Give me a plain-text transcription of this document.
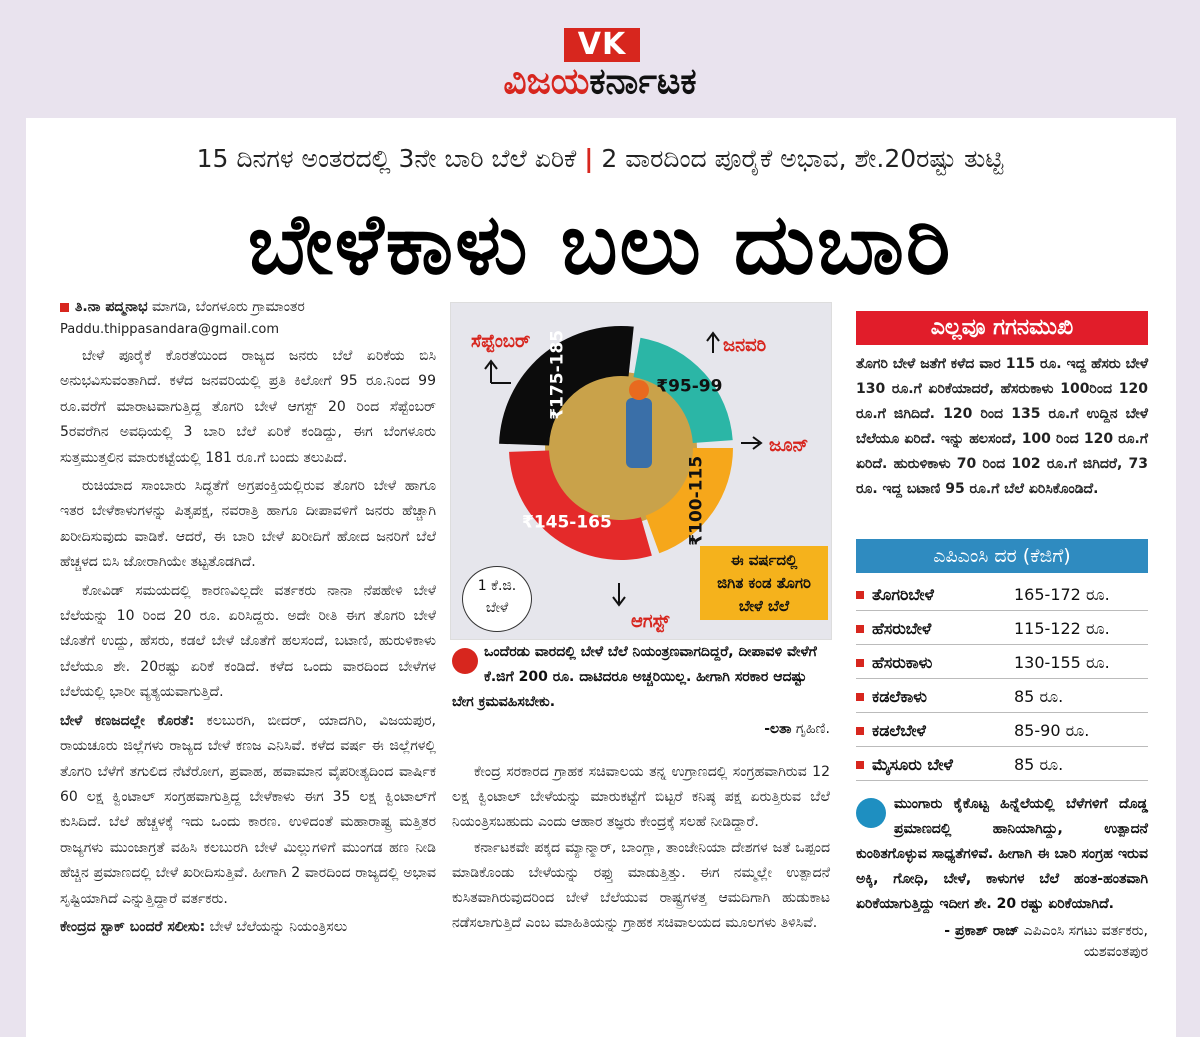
VK
ವಿಜಯಕರ್ನಾಟಕ
15 ದಿನಗಳ ಅಂತರದಲ್ಲಿ 3ನೇ ಬಾರಿ ಬೆಲೆ ಏರಿಕೆ | 2 ವಾರದಿಂದ ಪೂರೈಕೆ ಅಭಾವ, ಶೇ.20ರಷ್ಟು ತುಟ್ಟಿ
ಬೇಳೆಕಾಳು ಬಲು ದುಬಾರಿ
ತಿ.ನಾ ಪದ್ಮನಾಭ ಮಾಗಡಿ, ಬೆಂಗಳೂರು ಗ್ರಾಮಾಂತರ
Paddu.thippasandara@gmail.com

ಬೇಳೆ ಪೂರೈಕೆ ಕೊರತೆಯಿಂದ ರಾಜ್ಯದ ಜನರು ಬೆಲೆ ಏರಿಕೆಯ ಬಿಸಿ ಅನುಭವಿಸುವಂತಾಗಿದೆ. ಕಳೆದ ಜನವರಿಯಲ್ಲಿ ಪ್ರತಿ ಕಿಲೋಗೆ 95 ರೂ.ನಿಂದ 99 ರೂ.ವರೆಗೆ ಮಾರಾಟವಾಗುತ್ತಿದ್ದ ತೊಗರಿ ಬೇಳೆ ಆಗಸ್ಟ್ 20 ರಿಂದ ಸೆಪ್ಟೆಂಬರ್ 5ರವರೆಗಿನ ಅವಧಿಯಲ್ಲಿ 3 ಬಾರಿ ಬೆಲೆ ಏರಿಕೆ ಕಂಡಿದ್ದು, ಈಗ ಬೆಂಗಳೂರು ಸುತ್ತಮುತ್ತಲಿನ ಮಾರುಕಟ್ಟೆಯಲ್ಲಿ 181 ರೂ.ಗೆ ಬಂದು ತಲುಪಿದೆ.

ರುಚಿಯಾದ ಸಾಂಬಾರು ಸಿದ್ಧತೆಗೆ ಅಗ್ರಪಂಕ್ತಿಯಲ್ಲಿರುವ ತೊಗರಿ ಬೇಳೆ ಹಾಗೂ ಇತರ ಬೇಳೆಕಾಳುಗಳನ್ನು ಪಿತೃಪಕ್ಷ, ನವರಾತ್ರಿ ಹಾಗೂ ದೀಪಾವಳಿಗೆ ಜನರು ಹೆಚ್ಚಾಗಿ ಖರೀದಿಸುವುದು ವಾಡಿಕೆ. ಆದರೆ, ಈ ಬಾರಿ ಬೇಳೆ ಖರೀದಿಗೆ ಹೋದ ಜನರಿಗೆ ಬೆಲೆ ಹೆಚ್ಚಳದ ಬಿಸಿ ಜೋರಾಗಿಯೇ ತಟ್ಟತೊಡಗಿದೆ.

ಕೋವಿಡ್ ಸಮಯದಲ್ಲಿ ಕಾರಣವಿಲ್ಲದೇ ವರ್ತಕರು ನಾನಾ ನೆಪಹೇಳಿ ಬೇಳೆ ಬೆಲೆಯನ್ನು 10 ರಿಂದ 20 ರೂ. ಏರಿಸಿದ್ದರು. ಅದೇ ರೀತಿ ಈಗ ತೊಗರಿ ಬೇಳೆ ಜೊತೆಗೆ ಉದ್ದು, ಹೆಸರು, ಕಡಲೆ ಬೇಳೆ ಜೊತೆಗೆ ಹಲಸಂದೆ, ಬಟಾಣಿ, ಹುರುಳಿಕಾಳು ಬೆಲೆಯೂ ಶೇ. 20ರಷ್ಟು ಏರಿಕೆ ಕಂಡಿದೆ. ಕಳೆದ ಒಂದು ವಾರದಿಂದ ಬೇಳೆಗಳ ಬೆಲೆಯಲ್ಲಿ ಭಾರೀ ವ್ಯತ್ಯಯವಾಗುತ್ತಿದೆ.

ಬೇಳೆ ಕಣಜದಲ್ಲೇ ಕೊರತೆ: ಕಲಬುರಗಿ, ಬೀದರ್, ಯಾದಗಿರಿ, ವಿಜಯಪುರ, ರಾಯಚೂರು ಜಿಲ್ಲೆಗಳು ರಾಜ್ಯದ ಬೇಳೆ ಕಣಜ ಎನಿಸಿವೆ. ಕಳೆದ ವರ್ಷ ಈ ಜಿಲ್ಲೆಗಳಲ್ಲಿ ತೊಗರಿ ಬೆಳೆಗೆ ತಗುಲಿದ ನೆಟೆರೋಗ, ಪ್ರವಾಹ, ಹವಾಮಾನ ವೈಪರೀತ್ಯದಿಂದ ವಾರ್ಷಿಕ 60 ಲಕ್ಷ ಕ್ವಿಂಟಾಲ್ ಸಂಗ್ರಹವಾಗುತ್ತಿದ್ದ ಬೇಳೆಕಾಳು ಈಗ 35 ಲಕ್ಷ ಕ್ವಿಂಟಾಲ್‌ಗೆ ಕುಸಿದಿದೆ. ಬೆಲೆ ಹೆಚ್ಚಳಕ್ಕೆ ಇದು ಒಂದು ಕಾರಣ. ಉಳಿದಂತೆ ಮಹಾರಾಷ್ಟ್ರ ಮತ್ತಿತರ ರಾಜ್ಯಗಳು ಮುಂಜಾಗ್ರತೆ ವಹಿಸಿ ಕಲಬುರಗಿ ಬೇಳೆ ಮಿಲ್ಲುಗಳಿಗೆ ಮುಂಗಡ ಹಣ ನೀಡಿ ಹೆಚ್ಚಿನ ಪ್ರಮಾಣದಲ್ಲಿ ಬೇಳೆ ಖರೀದಿಸುತ್ತಿವೆ. ಹೀಗಾಗಿ 2 ವಾರದಿಂದ ರಾಜ್ಯದಲ್ಲಿ ಅಭಾವ ಸೃಷ್ಟಿಯಾಗಿದೆ ಎನ್ನುತ್ತಿದ್ದಾರೆ ವರ್ತಕರು.

ಕೇಂದ್ರದ ಸ್ಟಾಕ್ ಬಂದರೆ ಸಲೀಸು: ಬೇಳೆ ಬೆಲೆಯನ್ನು ನಿಯಂತ್ರಿಸಲು

₹175-185	₹95-99
₹100-115
₹145-165
ಸೆಪ್ಟೆಂಬರ್	ಜನವರಿ
ಜೂನ್
ಆಗಸ್ಟ್
1 ಕೆ.ಜಿ.
ಬೇಳೆ
ಈ ವರ್ಷದಲ್ಲಿ
ಜಿಗಿತ ಕಂಡ ತೊಗರಿ
ಬೇಳೆ ಬೆಲೆ
ಒಂದೆರಡು ವಾರದಲ್ಲಿ ಬೇಳೆ ಬೆಲೆ ನಿಯಂತ್ರಣವಾಗದಿದ್ದರೆ, ದೀಪಾವಳಿ ವೇಳೆಗೆ ಕೆ.ಜಿಗೆ 200 ರೂ. ದಾಟಿದರೂ ಅಚ್ಚರಿಯಿಲ್ಲ. ಹೀಗಾಗಿ ಸರಕಾರ ಆದಷ್ಟು ಬೇಗ ಕ್ರಮವಹಿಸಬೇಕು.
-ಲತಾ ಗೃಹಿಣಿ.

ಕೇಂದ್ರ ಸರಕಾರದ ಗ್ರಾಹಕ ಸಚಿವಾಲಯ ತನ್ನ ಉಗ್ರಾಣದಲ್ಲಿ ಸಂಗ್ರಹವಾಗಿರುವ 12 ಲಕ್ಷ ಕ್ವಿಂಟಾಲ್ ಬೇಳೆಯನ್ನು ಮಾರುಕಟ್ಟೆಗೆ ಬಿಟ್ಟರೆ ಕನಿಷ್ಠ ಪಕ್ಷ ಏರುತ್ತಿರುವ ಬೆಲೆ ನಿಯಂತ್ರಿಸಬಹುದು ಎಂದು ಆಹಾರ ತಜ್ಞರು ಕೇಂದ್ರಕ್ಕೆ ಸಲಹೆ ನೀಡಿದ್ದಾರೆ.

ಕರ್ನಾಟಕವೇ ಪಕ್ಕದ ಮ್ಯಾನ್ಮಾರ್, ಬಾಂಗ್ಲಾ, ತಾಂಜೇನಿಯಾ ದೇಶಗಳ ಜತೆ ಒಪ್ಪಂದ ಮಾಡಿಕೊಂಡು ಬೇಳೆಯನ್ನು ರಫ್ತು ಮಾಡುತ್ತಿತ್ತು. ಈಗ ನಮ್ಮಲ್ಲೇ ಉತ್ಪಾದನೆ ಕುಸಿತವಾಗಿರುವುದರಿಂದ ಬೇಳೆ ಬೆಲೆಯುವ ರಾಷ್ಟ್ರಗಳತ್ತ ಆಮದಿಗಾಗಿ ಹುಡುಕಾಟ ನಡೆಸಲಾಗುತ್ತಿದೆ ಎಂಬ ಮಾಹಿತಿಯನ್ನು ಗ್ರಾಹಕ ಸಚಿವಾಲಯದ ಮೂಲಗಳು ತಿಳಿಸಿವೆ.

ಎಲ್ಲವೂ ಗಗನಮುಖಿ
ತೊಗರಿ ಬೇಳೆ ಜತೆಗೆ ಕಳೆದ ವಾರ 115 ರೂ. ಇದ್ದ ಹೆಸರು ಬೇಳೆ 130 ರೂ.ಗೆ ಏರಿಕೆಯಾದರೆ, ಹೆಸರುಕಾಳು 100ರಿಂದ 120 ರೂ.ಗೆ ಜಿಗಿದಿದೆ. 120 ರಿಂದ 135 ರೂ.ಗೆ ಉದ್ದಿನ ಬೇಳೆ ಬೆಲೆಯೂ ಏರಿದೆ. ಇನ್ನು ಹಲಸಂದೆ, 100 ರಿಂದ 120 ರೂ.ಗೆ ಏರಿದೆ. ಹುರುಳಿಕಾಳು 70 ರಿಂದ 102 ರೂ.ಗೆ ಜಿಗಿದರೆ, 73 ರೂ. ಇದ್ದ ಬಟಾಣಿ 95 ರೂ.ಗೆ ಬೆಲೆ ಏರಿಸಿಕೊಂಡಿದೆ.
ಎಪಿಎಂಸಿ ದರ (ಕೆಜಿಗೆ)
ತೊಗರಿಬೇಳೆ	165-172 ರೂ.
ಹೆಸರುಬೇಳೆ	115-122 ರೂ.
ಹೆಸರುಕಾಳು	130-155 ರೂ.
ಕಡಲೆಕಾಳು	85 ರೂ.
ಕಡಲೆಬೇಳೆ	85-90 ರೂ.
ಮೈಸೂರು ಬೇಳೆ	85 ರೂ.
ಮುಂಗಾರು ಕೈಕೊಟ್ಟ ಹಿನ್ನೆಲೆಯಲ್ಲಿ ಬೆಳೆಗಳಿಗೆ ದೊಡ್ಡ ಪ್ರಮಾಣದಲ್ಲಿ ಹಾನಿಯಾಗಿದ್ದು, ಉತ್ಪಾದನೆ ಕುಂಠಿತಗೊಳ್ಳುವ ಸಾಧ್ಯತೆಗಳಿವೆ. ಹೀಗಾಗಿ ಈ ಬಾರಿ ಸಂಗ್ರಹ ಇರುವ ಅಕ್ಕಿ, ಗೋಧಿ, ಬೇಳೆ, ಕಾಳುಗಳ ಬೆಲೆ ಹಂತ-ಹಂತವಾಗಿ ಏರಿಕೆಯಾಗುತ್ತಿದ್ದು ಇದೀಗ ಶೇ. 20 ರಷ್ಟು ಏರಿಕೆಯಾಗಿದೆ.
- ಪ್ರಕಾಶ್ ರಾಜ್ ಎಪಿಎಂಸಿ ಸಗಟು ವರ್ತಕರು,
ಯಶವಂತಪುರ
